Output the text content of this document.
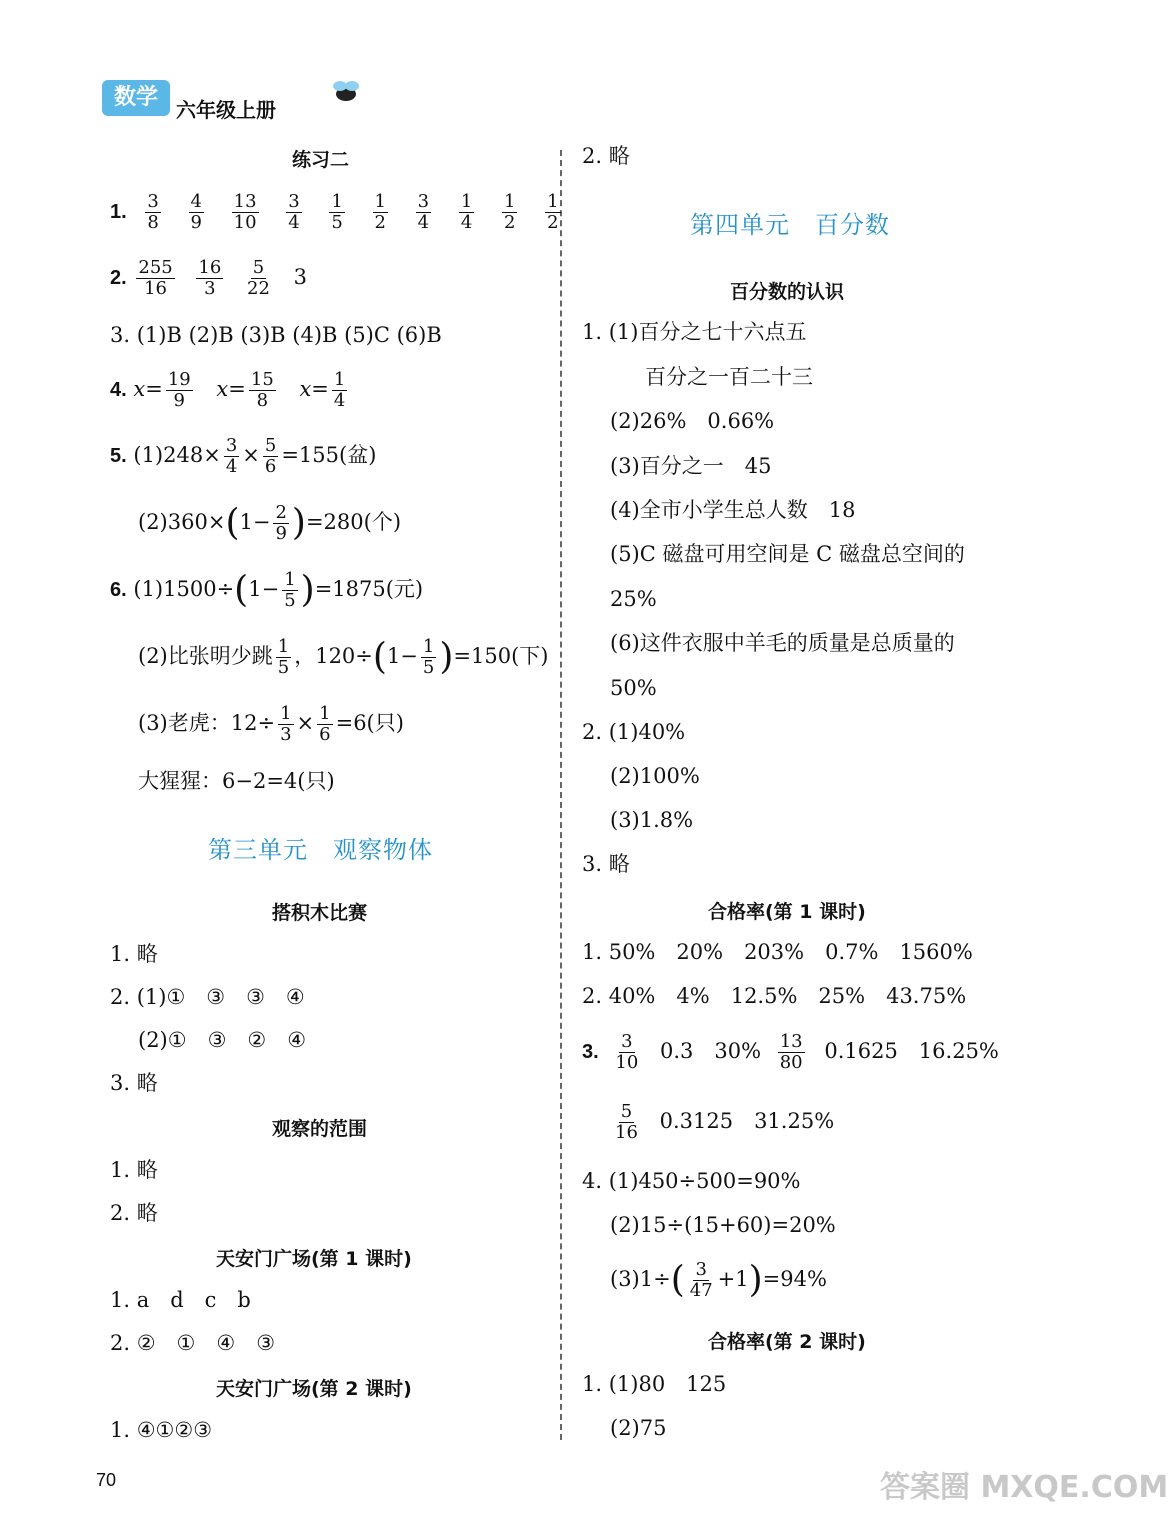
数学 六年级上册
练习二
1. $\frac{3}{8}$
$\frac{4}{9}$
$\frac{13}{10}$
$\frac{3}{4}$
$\frac{1}{5}$
$\frac{1}{2}$
$\frac{3}{4}$
$\frac{1}{4}$
$\frac{1}{2}$
$\frac{1}{2}$
2. $\frac{255}{16}$
$\frac{16}{3}$
$\frac{5}{22} 3$
3. (1)B (2)B (3)B (4)B (5)C (6)B
4. $x= \frac{19}{9} x= \frac{15}{8} x= \frac{1}{4}$
5. $(1)248\times \frac{3}{4} \times \frac{5}{6} =155$(盆)
$(2)360\times(1- \frac{2}{9} )=280$(个)
6. $(1)1500\div(1- \frac{1}{5} )=1875$(元)
(2)比张明少跳 $\frac{1}{5}$ ，$120\div(1- \frac{1}{5} )=150$(下)
(3)老虎：$12\div \frac{1}{3} \times \frac{1}{6} =6$(只)
大猩猩：6−2=4(只)
第三单元　观察物体
搭积木比赛
1. 略
2. (1)①　③　③　④
(2)①　③　②　④
3. 略
观察的范围
1. 略
2. 略
天安门广场(第 1 课时)
1. a　d　c　b
2. ②　①　④　③
天安门广场(第 2 课时)
1. ④①②③
70
2. 略
第四单元　百分数
百分数的认识
1. (1)百分之七十六点五
百分之一百二十三
(2)26%　0.66%
(3)百分之一　45
(4)全市小学生总人数　18
(5)C 磁盘可用空间是 C 磁盘总空间的
25%
(6)这件衣服中羊毛的质量是总质量的
50%
2. (1)40%
(2)100%
(3)1.8%
3. 略
合格率(第 1 课时)
1. 50%　20%　203%　0.7%　1560%
2. 40%　4%　12.5%　25%　43.75%
3. $\frac{3}{10} 0.3$　$30\% \frac{13}{80} 0.1625$　16.25%
$\frac{5}{16} 0.3125$　31.25%
4. (1)450÷500=90%
(2)15÷(15+60)=20%
$(3)1\div( \frac{3}{47} +1)=94\%$
合格率(第 2 课时)
1. (1)80　125
(2)75
答案圈 MXQE.COM
